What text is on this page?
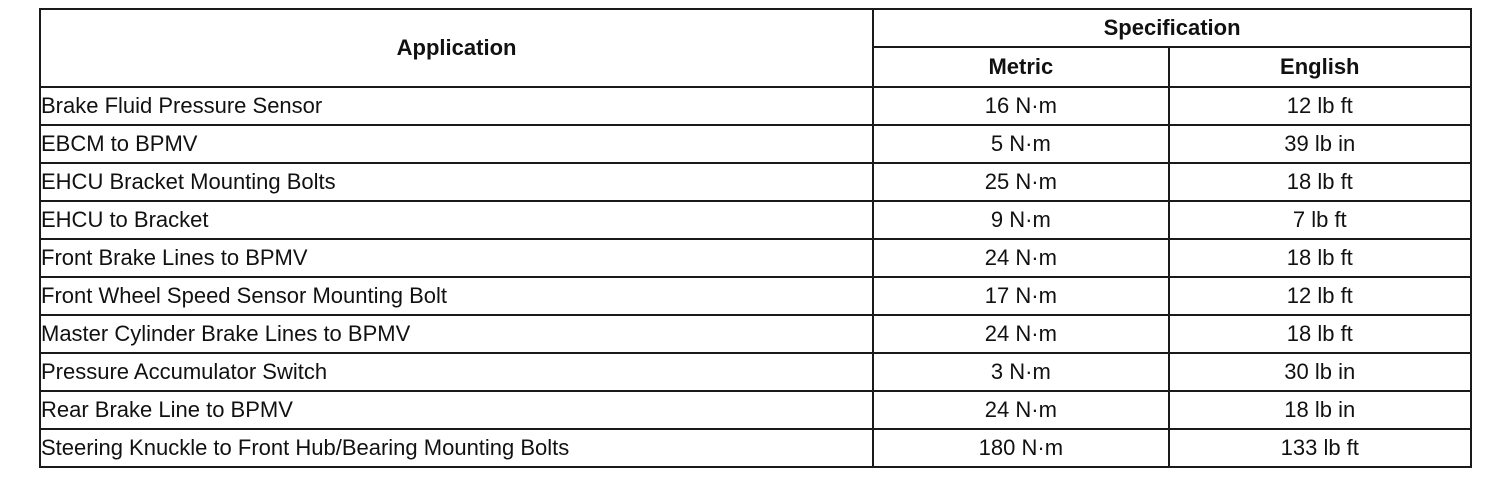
Application	Specification	
	Metric	English
Brake Fluid Pressure Sensor	16 N·m	12 lb ft
EBCM to BPMV	5 N·m	39 lb in
EHCU Bracket Mounting Bolts	25 N·m	18 lb ft
EHCU to Bracket	9 N·m	7 lb ft
Front Brake Lines to BPMV	24 N·m	18 lb ft
Front Wheel Speed Sensor Mounting Bolt	17 N·m	12 lb ft
Master Cylinder Brake Lines to BPMV	24 N·m	18 lb ft
Pressure Accumulator Switch	3 N·m	30 lb in
Rear Brake Line to BPMV	24 N·m	18 lb in
Steering Knuckle to Front Hub/Bearing Mounting Bolts	180 N·m	133 lb ft
